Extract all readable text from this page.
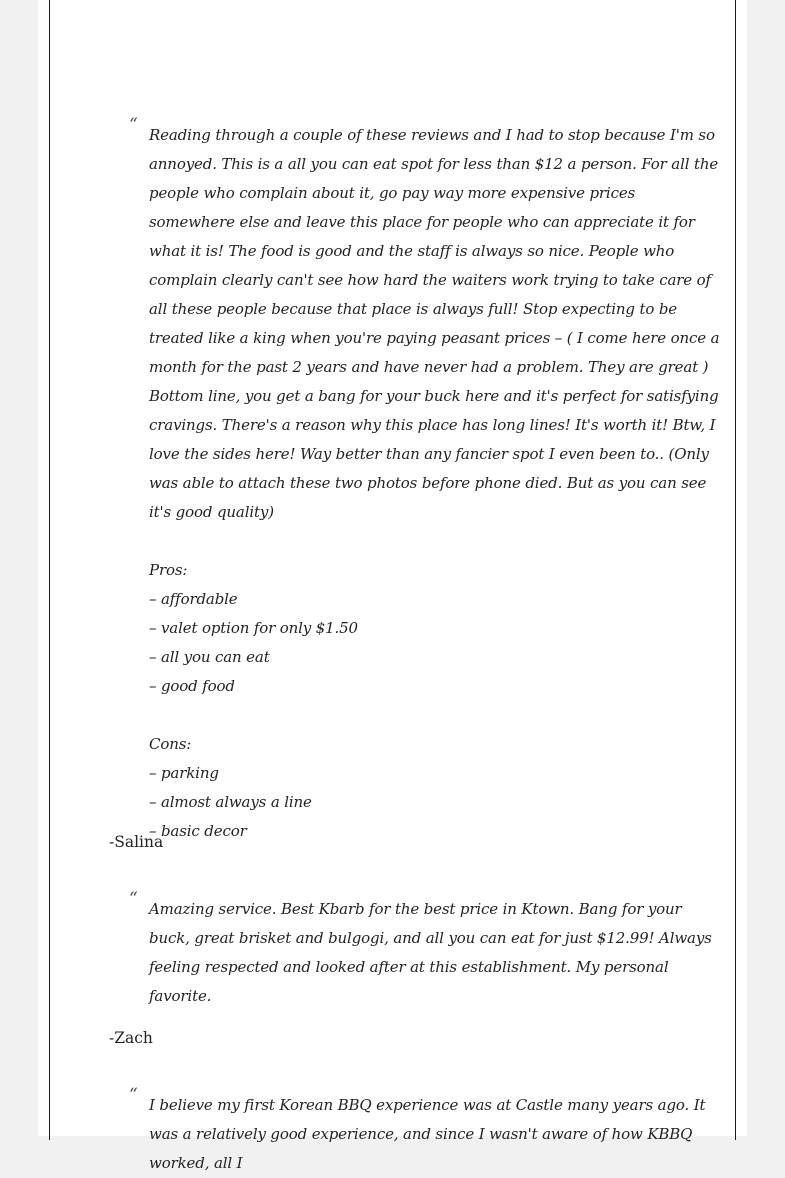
“ Reading through a couple of these reviews and I had to stop because I'm so annoyed. This is a all you can eat spot for less than $12 a person. For all the people who complain about it, go pay way more expensive prices somewhere else and leave this place for people who can appreciate it for what it is! The food is good and the staff is always so nice. People who complain clearly can't see how hard the waiters work trying to take care of all these people because that place is always full! Stop expecting to be treated like a king when you're paying peasant prices – ( I come here once a month for the past 2 years and have never had a problem. They are great ) Bottom line, you get a bang for your buck here and it's perfect for satisfying cravings. There's a reason why this place has long lines! It's worth it! Btw, I love the sides here! Way better than any fancier spot I even been to.. (Only was able to attach these two photos before phone died. But as you can see it's good quality)

Pros:

– affordable

– valet option for only $1.50

– all you can eat

– good food

Cons:

– parking

– almost always a line

– basic decor

-Salina
“ Amazing service. Best Kbarb for the best price in Ktown. Bang for your buck, great brisket and bulgogi, and all you can eat for just $12.99! Always feeling respected and looked after at this establishment. My personal favorite.

-Zach
“ I believe my first Korean BBQ experience was at Castle many years ago. It was a relatively good experience, and since I wasn't aware of how KBBQ worked, all I
